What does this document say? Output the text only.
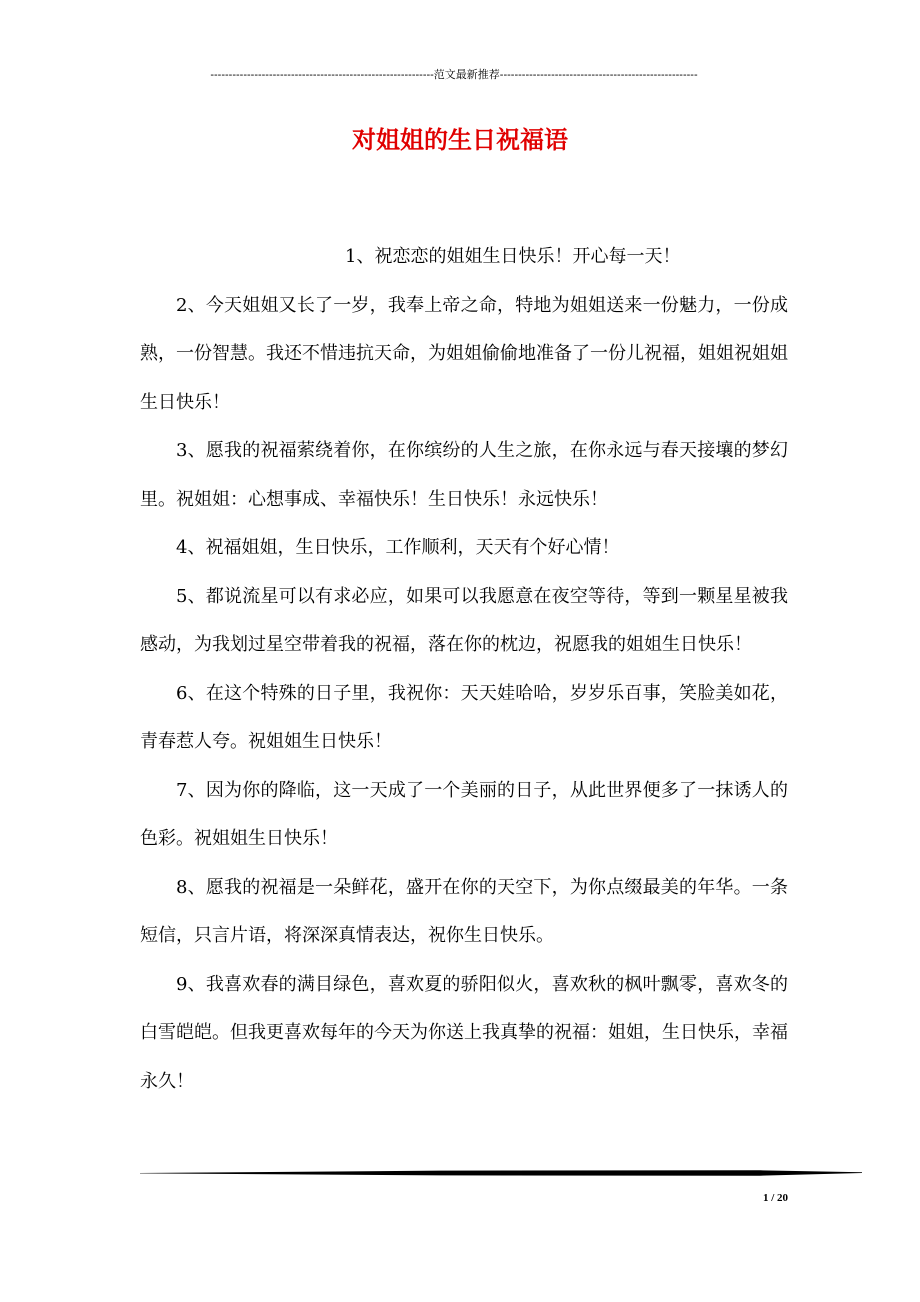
-------------------------------------------------------------范文最新推荐------------------------------------------------------
对姐姐的生日祝福语

1、祝恋恋的姐姐生日快乐！开心每一天！

2、今天姐姐又长了一岁，我奉上帝之命，特地为姐姐送来一份魅力，一份成熟，一份智慧。我还不惜违抗天命，为姐姐偷偷地准备了一份儿祝福，姐姐祝姐姐生日快乐！

3、愿我的祝福萦绕着你，在你缤纷的人生之旅，在你永远与春天接壤的梦幻里。祝姐姐：心想事成、幸福快乐！生日快乐！永远快乐！

4、祝福姐姐，生日快乐，工作顺利，天天有个好心情！

5、都说流星可以有求必应，如果可以我愿意在夜空等待，等到一颗星星被我感动，为我划过星空带着我的祝福，落在你的枕边，祝愿我的姐姐生日快乐！

6、在这个特殊的日子里，我祝你：天天娃哈哈，岁岁乐百事，笑脸美如花，青春惹人夸。祝姐姐生日快乐！

7、因为你的降临，这一天成了一个美丽的日子，从此世界便多了一抹诱人的色彩。祝姐姐生日快乐！

8、愿我的祝福是一朵鲜花，盛开在你的天空下，为你点缀最美的年华。一条短信，只言片语，将深深真情表达，祝你生日快乐。

9、我喜欢春的满目绿色，喜欢夏的骄阳似火，喜欢秋的枫叶飘零，喜欢冬的白雪皑皑。但我更喜欢每年的今天为你送上我真挚的祝福：姐姐，生日快乐，幸福永久！

1 / 20
